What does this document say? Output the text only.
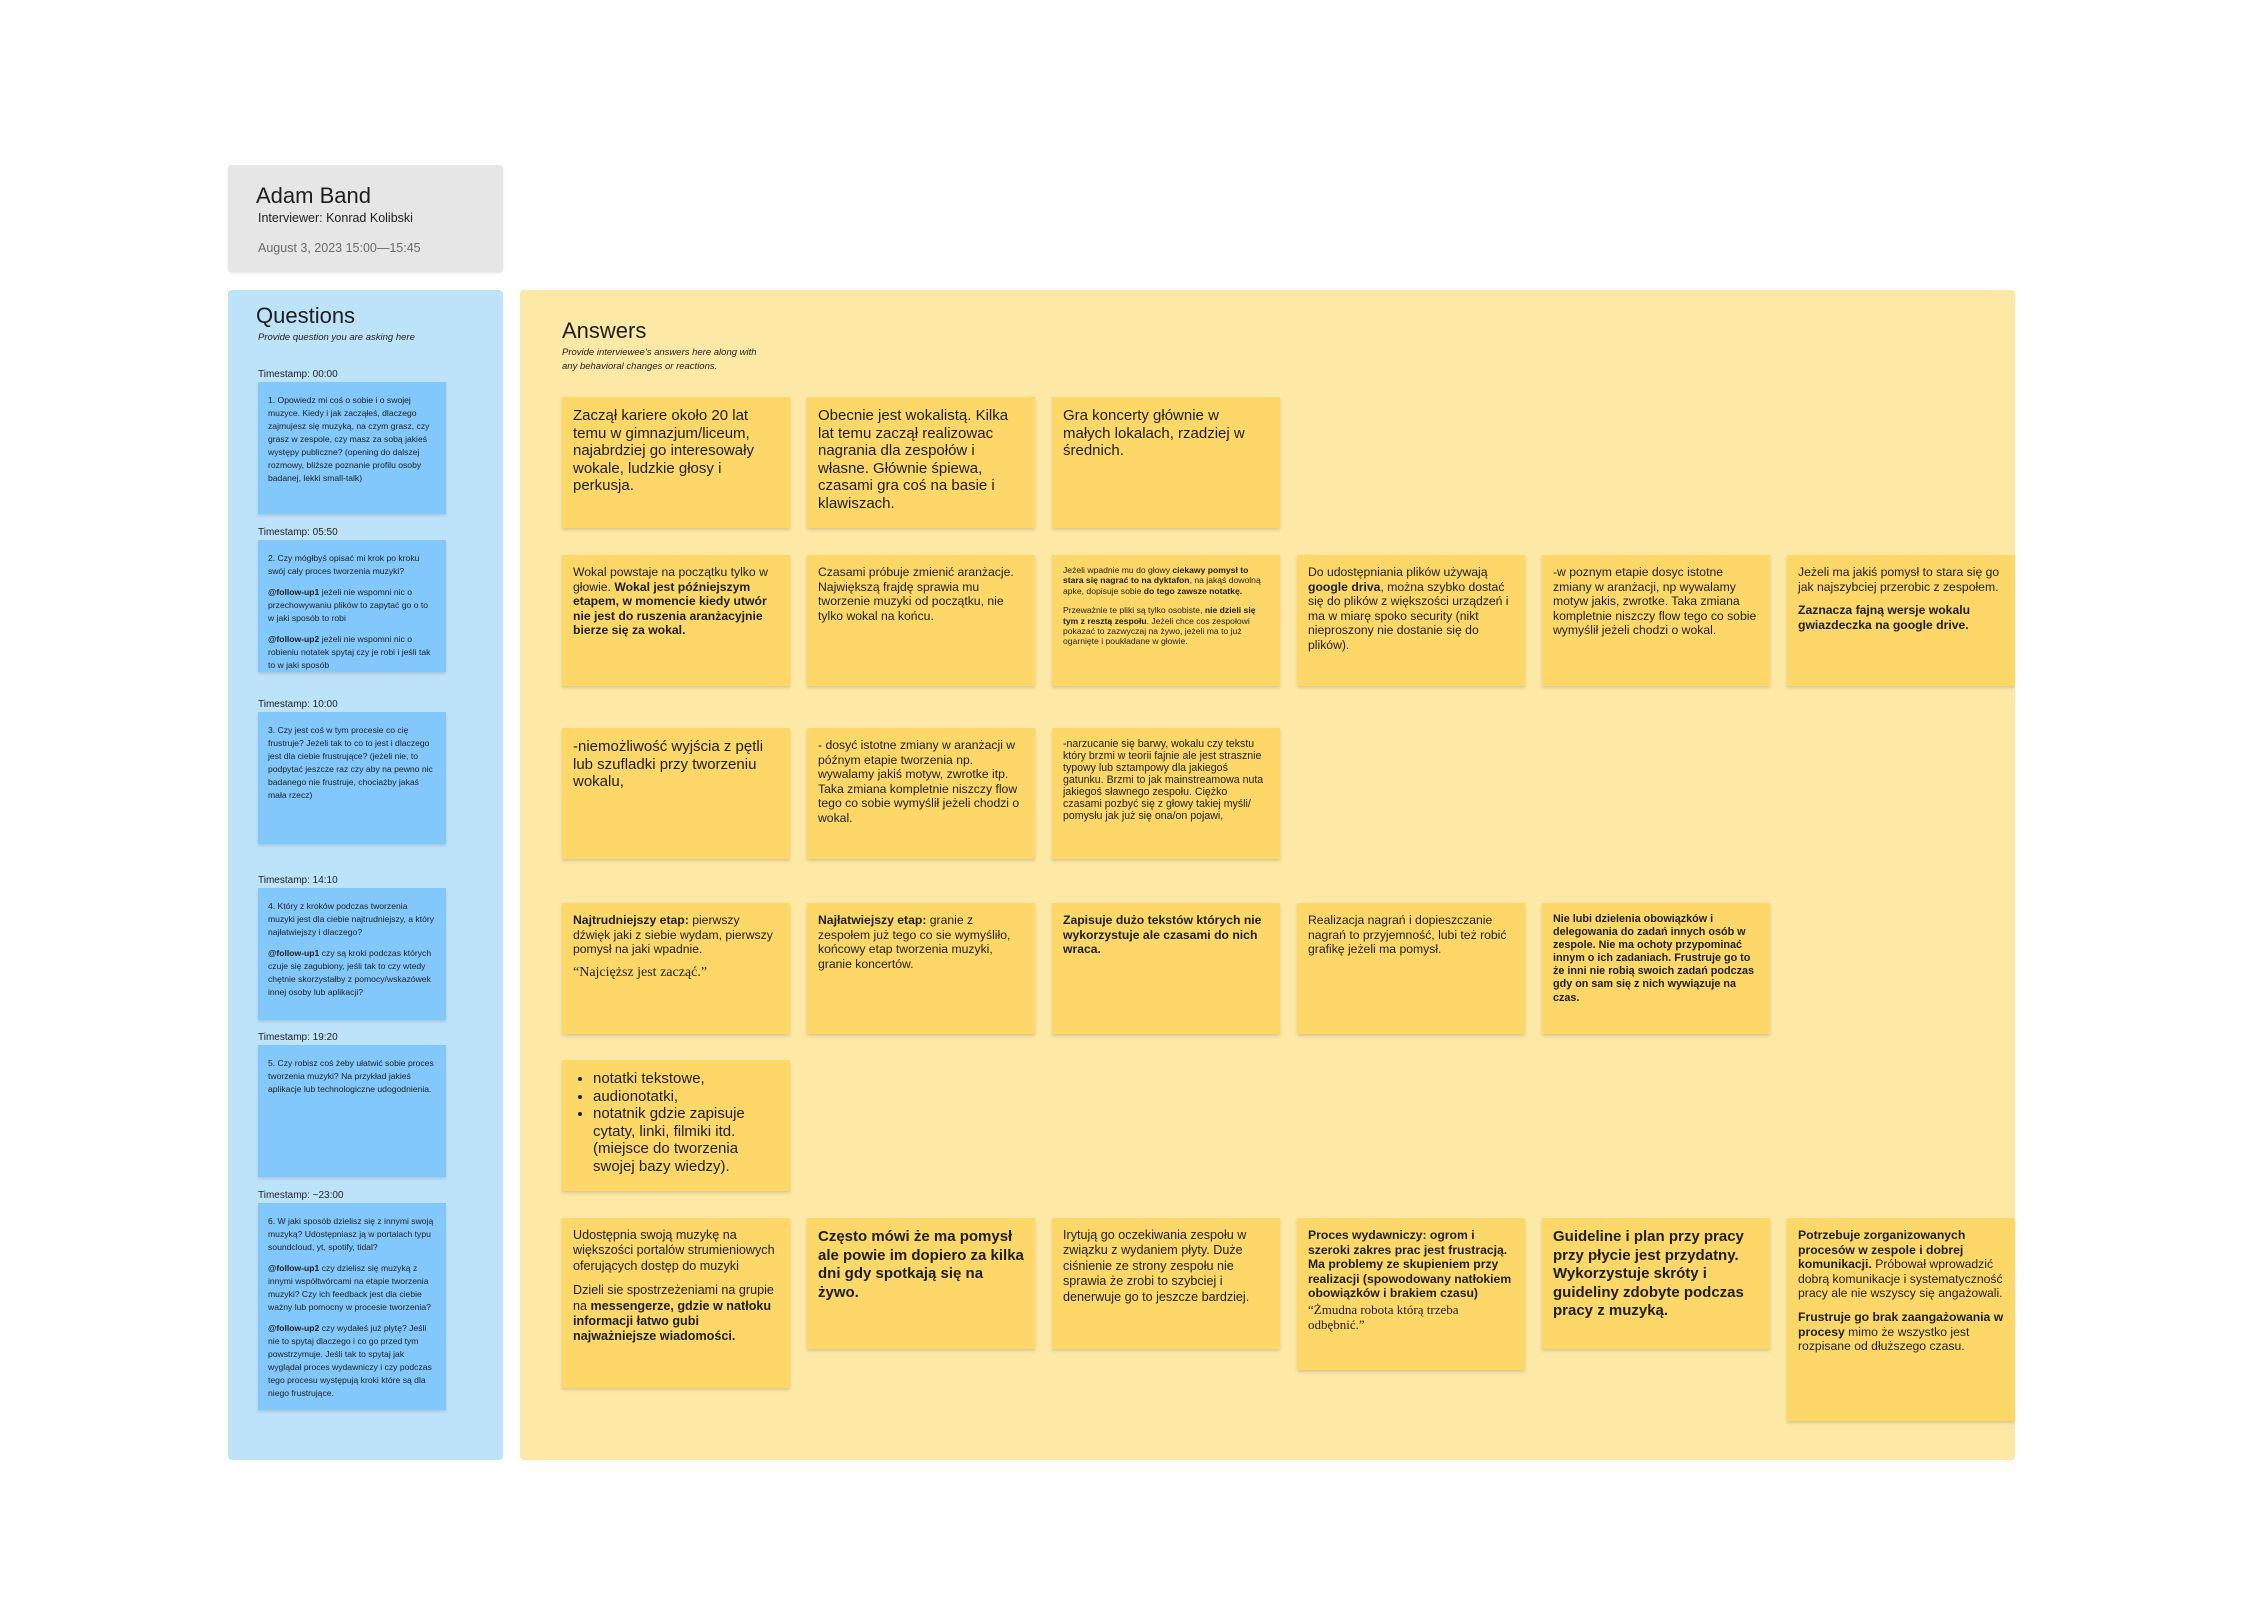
Adam Band
Interviewer: Konrad Kolibski
August 3, 2023 15:00—15:45
Questions
Provide question you are asking here
Timestamp: 00:00

1. Opowiedz mi coś o sobie i o swojej muzyce. Kiedy i jak zacząłeś, dlaczego zajmujesz się muzyką, na czym grasz, czy grasz w zespole, czy masz za sobą jakieś występy publiczne? (opening do dalszej rozmowy, bliższe poznanie profilu osoby badanej, lekki small-talk)

Timestamp: 05:50

2. Czy mógłbyś opisać mi krok po kroku swój cały proces tworzenia muzyki?

@follow-up1 jeżeli nie wspomni nic o przechowywaniu plików to zapytać go o to w jaki sposób to robi

@follow-up2 jeżeli nie wspomni nic o robieniu notatek spytaj czy je robi i jeśli tak to w jaki sposób

Timestamp: 10:00

3. Czy jest coś w tym procesie co cię frustruje? Jeżeli tak to co to jest i dlaczego jest dla ciebie frustrujące? (jeżeli nie, to podpytać jeszcze raz czy aby na pewno nic badanego nie frustruje, chociażby jakaś mała rzecz)

Timestamp: 14:10

4. Który z kroków podczas tworzenia muzyki jest dla ciebie najtrudniejszy, a który najłatwiejszy i dlaczego?

@follow-up1 czy są kroki podczas których czuje się zagubiony, jeśli tak to czy wtedy chętnie skorzystałby z pomocy/wskazówek innej osoby lub aplikacji?

Timestamp: 19:20

5. Czy robisz coś żeby ułatwić sobie proces tworzenia muzyki? Na przykład jakieś aplikacje lub technologiczne udogodnienia.

Timestamp: ~23:00

6. W jaki sposób dzielisz się z innymi swoją muzyką? Udostępniasz ją w portalach typu soundcloud, yt, spotify, tidal?

@follow-up1 czy dzielisz się muzyką z innymi współtwórcami na etapie tworzenia muzyki? Czy ich feedback jest dla ciebie ważny lub pomocny w procesie tworzenia?

@follow-up2 czy wydałeś już płytę? Jeśli nie to spytaj dlaczego i co go przed tym powstrzymuje. Jeśli tak to spytaj jak wyglądał proces wydawniczy i czy podczas tego procesu występują kroki które są dla niego frustrujące.

Answers
Provide interviewee's answers here along with
any behavioral changes or reactions.

Zaczął kariere około 20 lat temu w gimnazjum/liceum, najabrdziej go interesowały wokale, ludzkie głosy i perkusja.

Obecnie jest wokalistą. Kilka lat temu zaczął realizowac nagrania dla zespołów i własne. Głównie śpiewa, czasami gra coś na basie i klawiszach.

Gra koncerty głównie w małych lokalach, rzadziej w średnich.

Wokal powstaje na początku tylko w głowie. Wokal jest późniejszym etapem, w momencie kiedy utwór nie jest do ruszenia aranżacyjnie bierze się za wokal.

Czasami próbuje zmienić aranżacje. Największą frajdę sprawia mu tworzenie muzyki od początku, nie tylko wokal na końcu.

Jeżeli wpadnie mu do głowy ciekawy pomysł to stara się nagrać to na dyktafon, na jakąś dowolną apke, dopisuje sobie do tego zawsze notatkę.

Przeważnie te pliki są tylko osobiste, nie dzieli się tym z resztą zespołu. Jeżeli chce cos zespołowi pokazać to zazwyczaj na żywo, jeżeli ma to już ogarnięte i poukładane w głowie.

Do udostępniania plików używają google driva, można szybko dostać się do plików z większości urządzeń i ma w miarę spoko security (nikt nieproszony nie dostanie się do plików).

-w poznym etapie dosyc istotne zmiany w aranżacji, np wywalamy motyw jakis, zwrotke. Taka zmiana kompletnie niszczy flow tego co sobie wymyślił jeżeli chodzi o wokal.

Jeżeli ma jakiś pomysł to stara się go jak najszybciej przerobic z zespołem.

Zaznacza fajną wersje wokalu gwiazdeczka na google drive.

-niemożliwość wyjścia z pętli lub szufladki przy tworzeniu wokalu,

- dosyć istotne zmiany w aranżacji w późnym etapie tworzenia np. wywalamy jakiś motyw, zwrotke itp. Taka zmiana kompletnie niszczy flow tego co sobie wymyślił jeżeli chodzi o wokal.

-narzucanie się barwy, wokalu czy tekstu który brzmi w teorii fajnie ale jest strasznie typowy lub sztampowy dla jakiegoś gatunku. Brzmi to jak mainstreamowa nuta jakiegoś sławnego zespołu. Ciężko czasami pozbyć się z głowy takiej myśli/ pomysłu jak już się ona/on pojawi,

Najtrudniejszy etap: pierwszy dźwięk jaki z siebie wydam, pierwszy pomysł na jaki wpadnie.

“Najcięższ jest zacząć.”

Najłatwiejszy etap: granie z zespołem już tego co sie wymyśliło, końcowy etap tworzenia muzyki, granie koncertów.

Zapisuje dużo tekstów których nie wykorzystuje ale czasami do nich wraca.

Realizacja nagrań i dopieszczanie nagrań to przyjemność, lubi też robić grafikę jeżeli ma pomysł.

Nie lubi dzielenia obowiązków i delegowania do zadań innych osób w zespole. Nie ma ochoty przypominać innym o ich zadaniach. Frustruje go to że inni nie robią swoich zadań podczas gdy on sam się z nich wywiązuje na czas.

• notatki tekstowe,
• audionotatki,
• notatnik gdzie zapisuje cytaty, linki, filmiki itd. (miejsce do tworzenia swojej bazy wiedzy).

Udostępnia swoją muzykę na większości portalów strumieniowych oferujących dostęp do muzyki

Dzieli sie spostrzeżeniami na grupie na messengerze, gdzie w natłoku informacji łatwo gubi najważniejsze wiadomości.

Często mówi że ma pomysł ale powie im dopiero za kilka dni gdy spotkają się na żywo.

Irytują go oczekiwania zespołu w związku z wydaniem płyty. Duże ciśnienie ze strony zespołu nie sprawia że zrobi to szybciej i denerwuje go to jeszcze bardziej.

Proces wydawniczy: ogrom i szeroki zakres prac jest frustracją. Ma problemy ze skupieniem przy realizacji (spowodowany natłokiem obowiązków i brakiem czasu)

“Żmudna robota którą trzeba odbębnić.”

Guideline i plan przy pracy przy płycie jest przydatny. Wykorzystuje skróty i guideliny zdobyte podczas pracy z muzyką.

Potrzebuje zorganizowanych procesów w zespole i dobrej komunikacji. Próbował wprowadzić dobrą komunikacje i systematyczność pracy ale nie wszyscy się angażowali.

Frustruje go brak zaangażowania w procesy mimo że wszystko jest rozpisane od dłuższego czasu.
